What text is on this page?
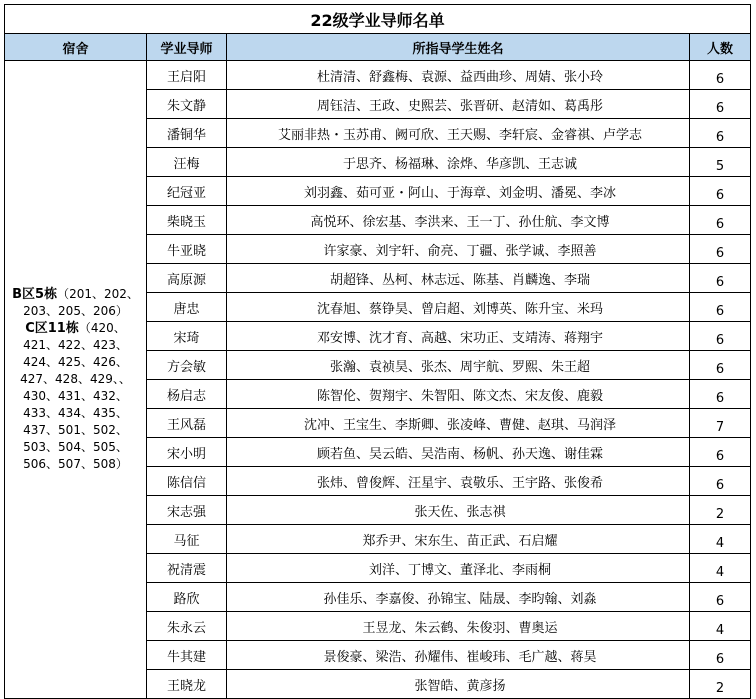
22级学业导师名单			
宿舍	学业导师	所指导学生姓名	人数
B区5栋（201、202、203、205、206）
C区11栋（420、421、422、423、424、425、426、427、428、429、、430、431、432、433、434、435、437、501、502、503、504、505、506、507、508）	王启阳	杜清清、舒鑫梅、袁源、益西曲珍、周婧、张小玲	6
	朱文静	周钰洁、王政、史熙芸、张晋研、赵清如、葛禹彤	6
	潘铜华	艾丽非热・玉苏甫、阙可欣、王天赐、李轩宸、金睿祺、卢学志	6
	汪梅	于思齐、杨福琳、涂烨、华彦凯、王志诚	5
	纪冠亚	刘羽鑫、茹可亚・阿山、于海章、刘金明、潘冕、李冰	6
	柴晓玉	高悦环、徐宏基、李洪来、王一丁、孙仕航、李文博	6
	牛亚晓	许家豪、刘宇轩、俞亮、丁疆、张学诚、李照善	6
	高原源	胡超锋、丛柯、林志远、陈基、肖麟逸、李瑞	6
	唐忠	沈春旭、蔡铮昊、曾启超、刘博英、陈升宝、米玛	6
	宋琦	邓安博、沈才育、高越、宋功正、支靖涛、蒋翔宇	6
	方会敏	张瀚、袁祯昊、张杰、周宇航、罗熙、朱王超	6
	杨启志	陈智伦、贺翔宇、朱智阳、陈文杰、宋友俊、鹿毅	6
	王风磊	沈冲、王宝生、李斯卿、张凌峰、曹健、赵琪、马润泽	7
	宋小明	顾若鱼、吴云皓、吴浩南、杨帆、孙天逸、谢佳霖	6
	陈信信	张炜、曾俊辉、汪星宇、袁敬乐、王宇路、张俊希	6
	宋志强	张天佐、张志祺	2
	马征	郑乔尹、宋东生、苗正武、石启耀	4
	祝清震	刘洋、丁博文、董泽北、李雨桐	4
	路欣	孙佳乐、李嘉俊、孙锦宝、陆晟、李昀翰、刘淼	6
	朱永云	王昱龙、朱云鹤、朱俊羽、曹奥运	4
	牛其建	景俊豪、梁浩、孙耀伟、崔峻玮、毛广越、蒋昊	6
	王晓龙	张智皓、黄彦扬	2
